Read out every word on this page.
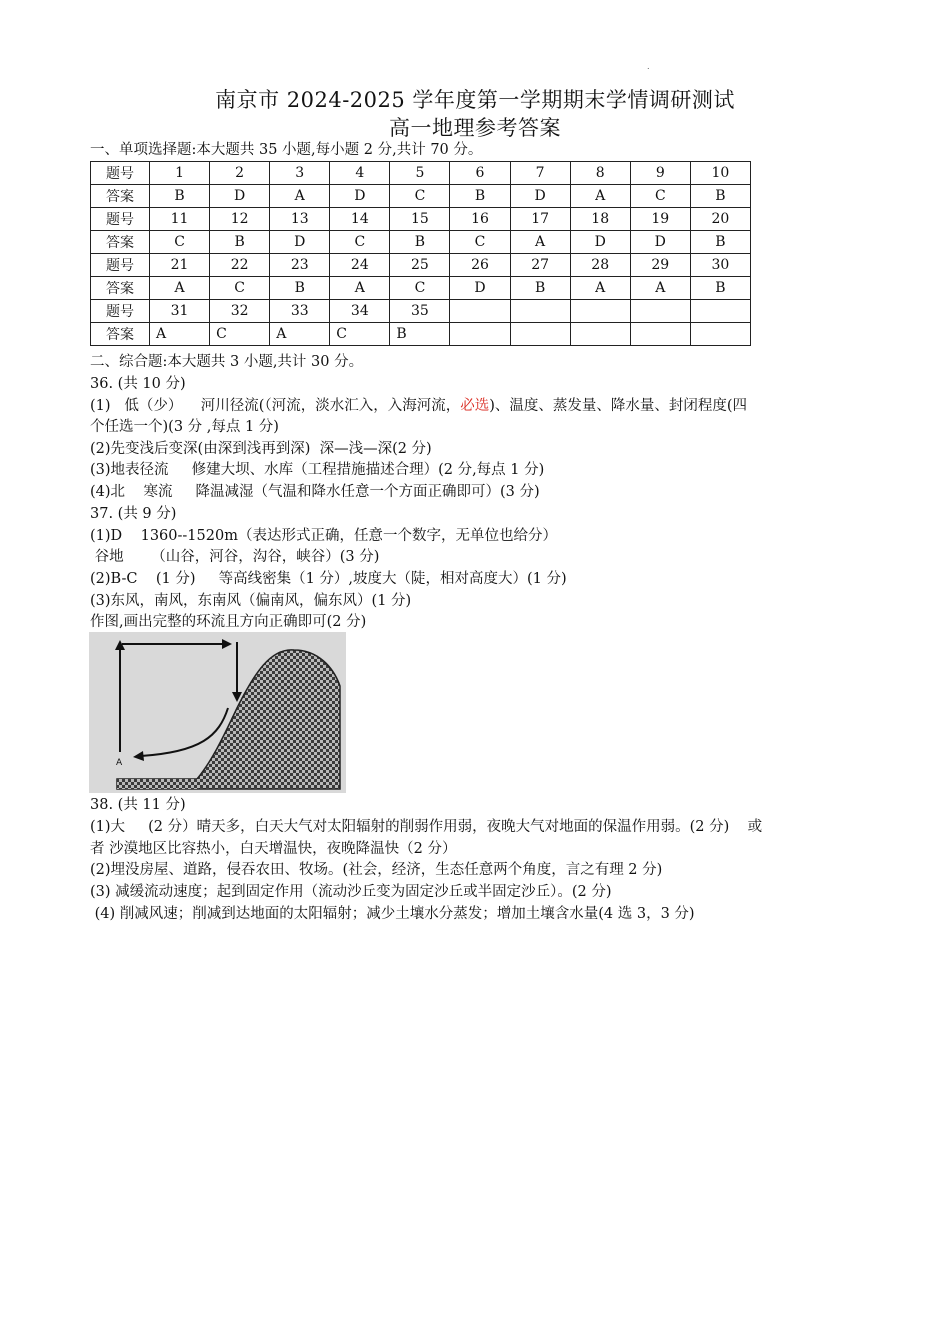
.
南京市 2024-2025 学年度第一学期期末学情调研测试
高一地理参考答案
一、单项选择题:本大题共 35 小题,每小题 2 分,共计 70 分。
题号	1	2	3	4	5	6	7	8	9	10
答案	B	D	A	D	C	B	D	A	C	B
题号	11	12	13	14	15	16	17	18	19	20
答案	C	B	D	C	B	C	A	D	D	B
题号	21	22	23	24	25	26	27	28	29	30
答案	A	C	B	A	C	D	B	A	A	B
题号	31	32	33	34	35					
答案	A	C	A	C	B					
二、综合题:本大题共 3 小题,共计 30 分。
36. (共 10 分)
(1)   低（少）    河川径流(（河流，淡水汇入，入海河流，必选)、温度、蒸发量、降水量、封闭程度(四
个任选一个)(3 分 ,每点 1 分)
(2)先变浅后变深(由深到浅再到深)  深—浅—深(2 分)
(3)地表径流     修建大坝、水库（工程措施描述合理）(2 分,每点 1 分)
(4)北    寒流     降温减湿（气温和降水任意一个方面正确即可）(3 分)
37. (共 9 分)
(1)D    1360--1520m（表达形式正确，任意一个数字，无单位也给分）
谷地      （山谷，河谷，沟谷，峡谷）(3 分)
(2)B-C    (1 分)     等高线密集（1 分）,坡度大（陡，相对高度大）(1 分)
(3)东风，南风，东南风（偏南风，偏东风）(1 分)
作图,画出完整的环流且方向正确即可(2 分)
A
38. (共 11 分)
(1)大     (2 分）晴天多，白天大气对太阳辐射的削弱作用弱，夜晚大气对地面的保温作用弱。(2 分)    或
者 沙漠地区比容热小，白天增温快，夜晚降温快（2 分）
(2)埋没房屋、道路，侵吞农田、牧场。(社会，经济，生态任意两个角度，言之有理 2 分)
(3) 减缓流动速度；起到固定作用（流动沙丘变为固定沙丘或半固定沙丘）。(2 分)
(4) 削减风速；削减到达地面的太阳辐射；减少土壤水分蒸发；增加土壤含水量(4 选 3，3 分)
